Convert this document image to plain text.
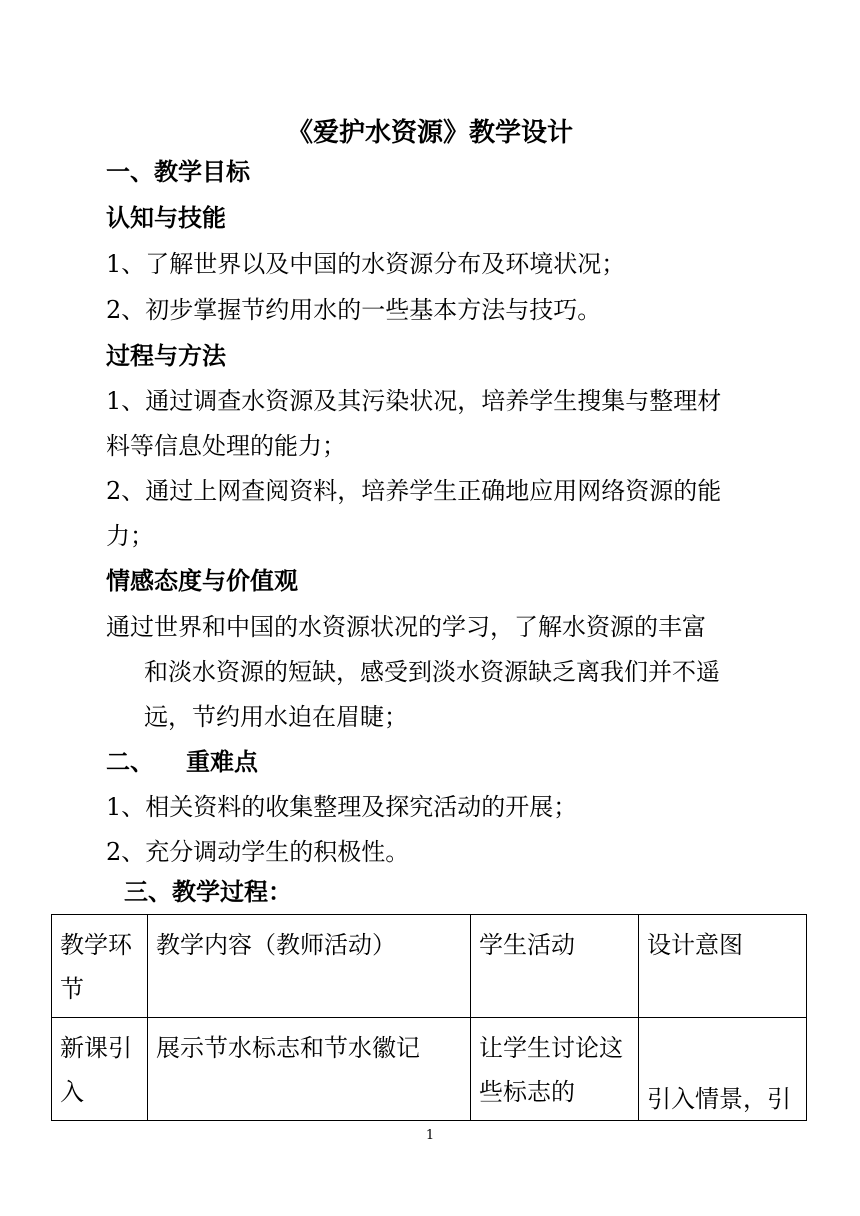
《爱护水资源》教学设计
一、教学目标
认知与技能
1、了解世界以及中国的水资源分布及环境状况；
2、初步掌握节约用水的一些基本方法与技巧。
过程与方法
1、通过调查水资源及其污染状况，培养学生搜集与整理材
料等信息处理的能力；
2、通过上网查阅资料，培养学生正确地应用网络资源的能
力；
情感态度与价值观
通过世界和中国的水资源状况的学习，了解水资源的丰富
和淡水资源的短缺，感受到淡水资源缺乏离我们并不遥
远，节约用水迫在眉睫；
二、 重难点
1、相关资料的收集整理及探究活动的开展；
2、充分调动学生的积极性。
三、教学过程：
教学环节	教学内容（教师活动）	学生活动	设计意图
新课引入	展示节水标志和节水徽记	让学生讨论这些标志的	引入情景，引
1
